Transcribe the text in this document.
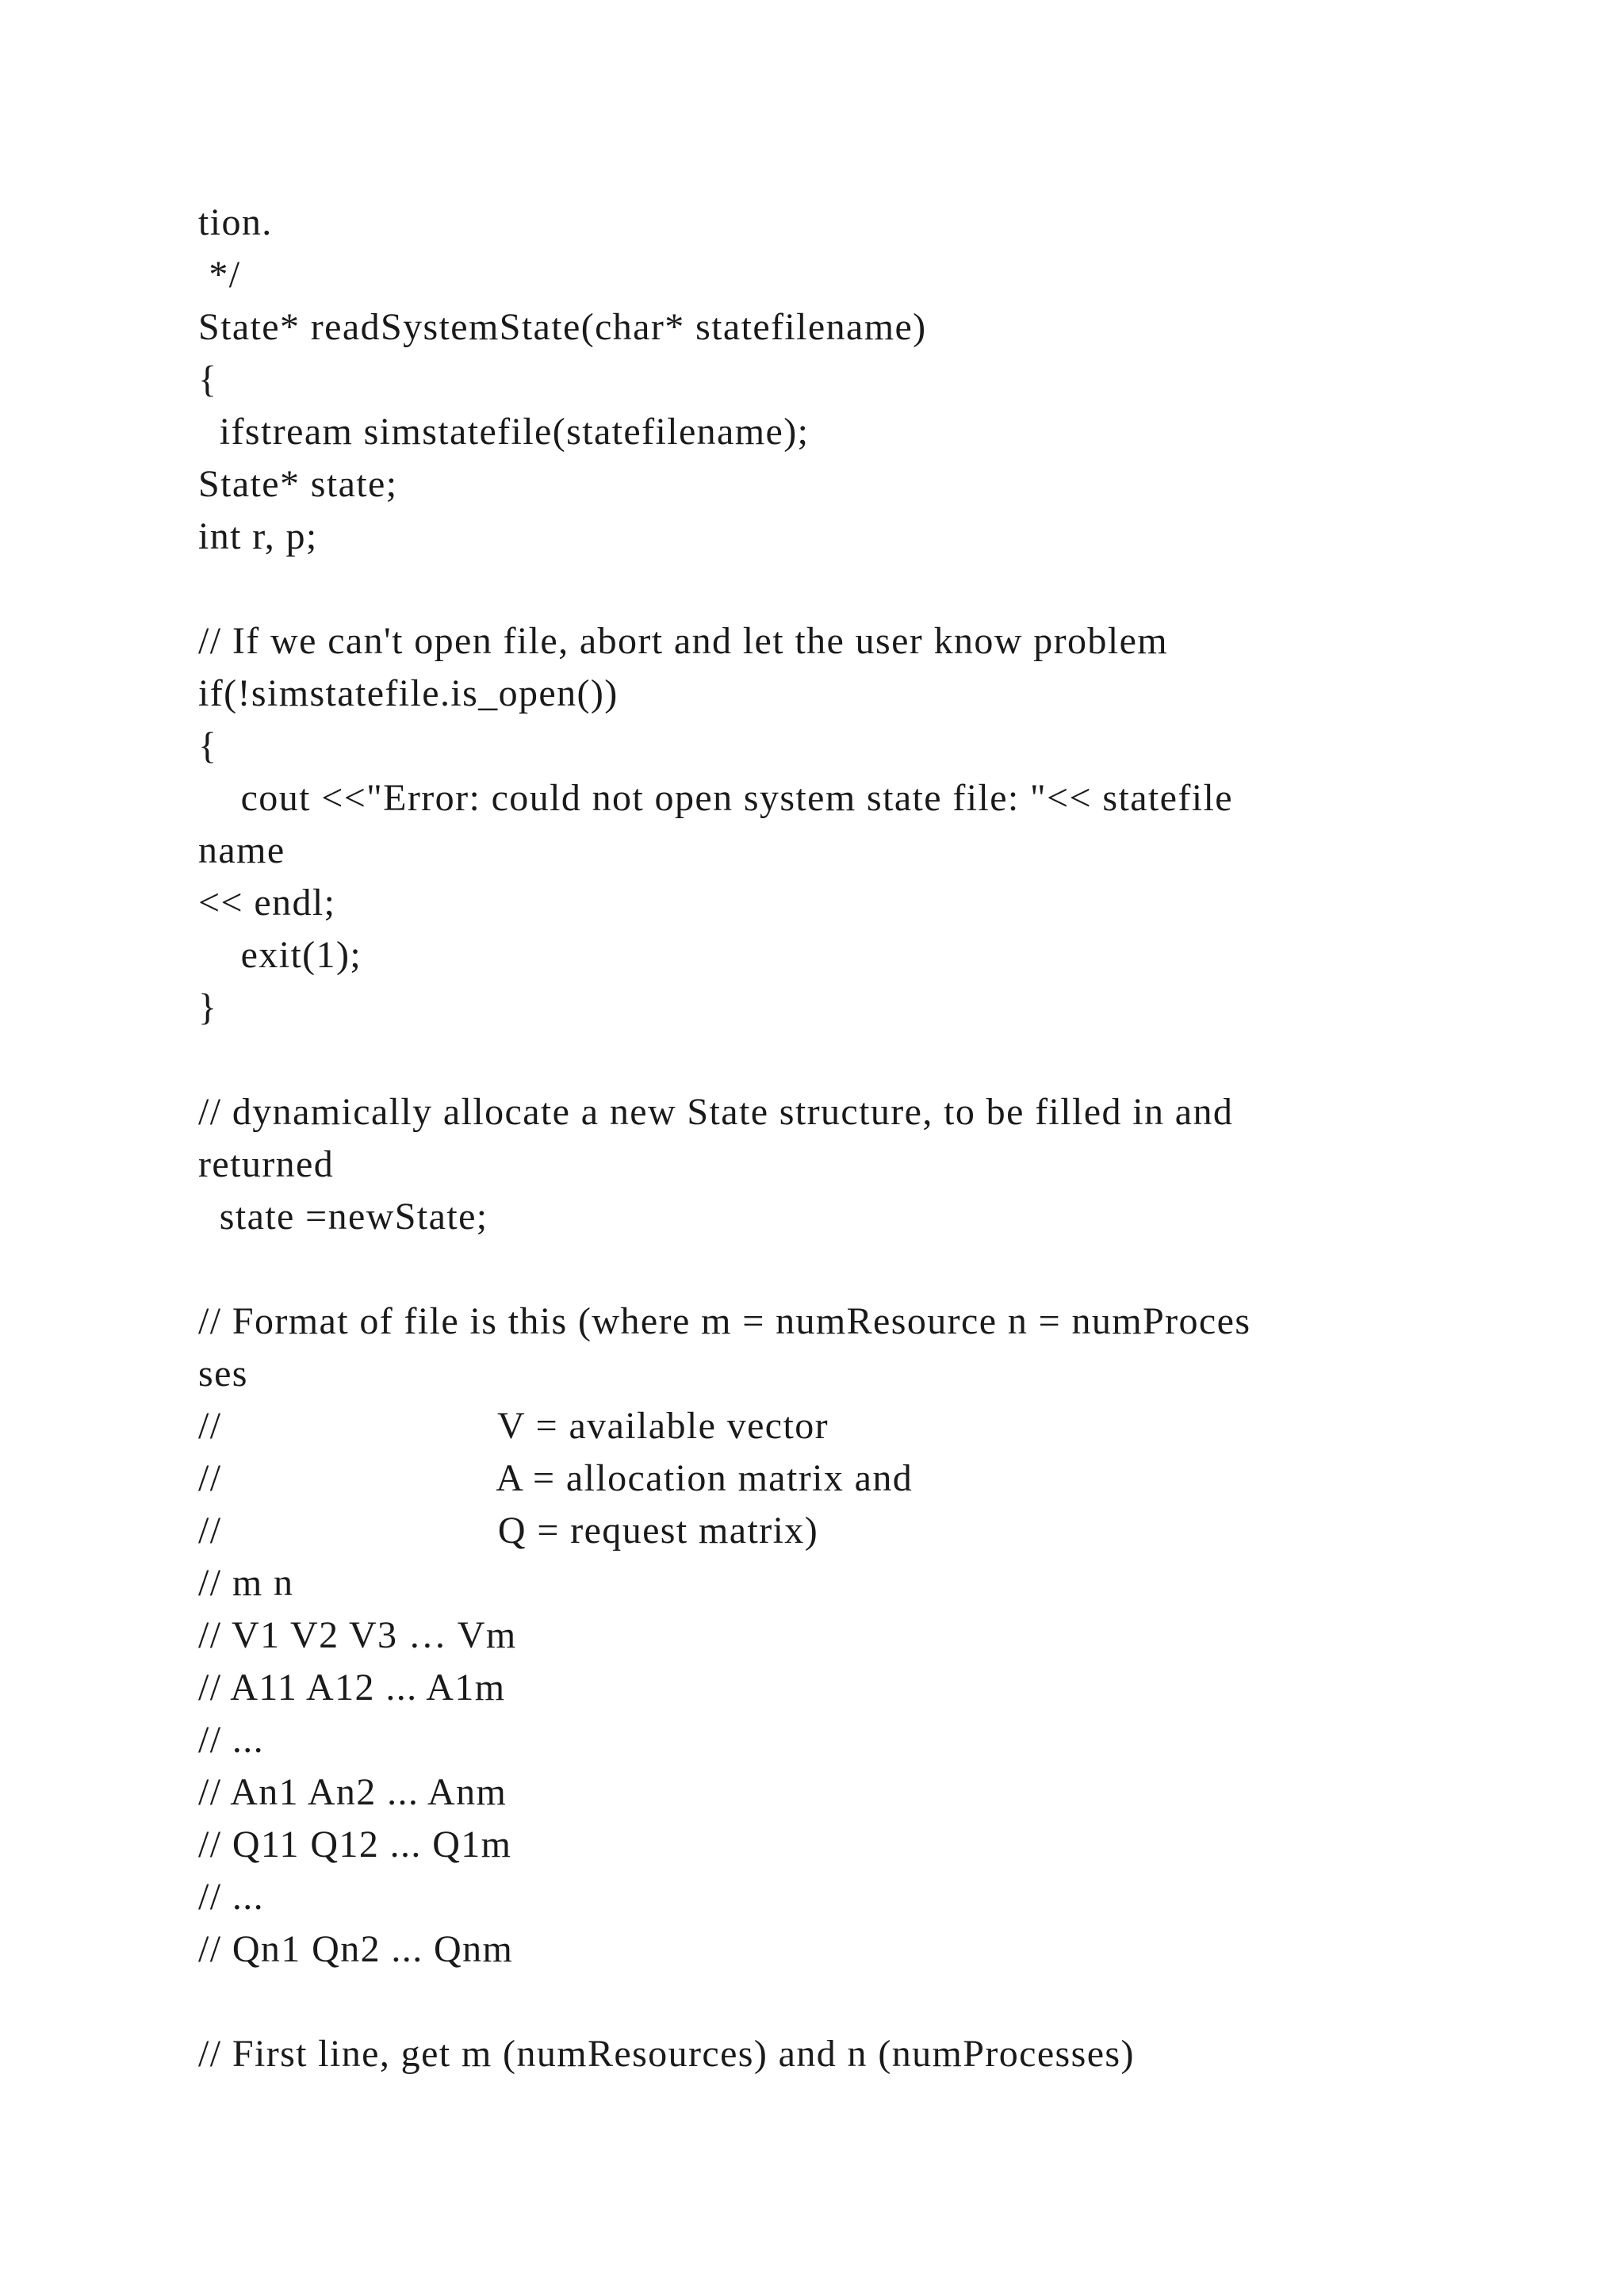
tion.
*/
State* readSystemState(char* statefilename)
{
ifstream simstatefile(statefilename);
State* state;
int r, p;
// If we can't open file, abort and let the user know problem
if(!simstatefile.is_open())
{
cout <<"Error: could not open system state file: "<< statefile
name
<< endl;
exit(1);
}
// dynamically allocate a new State structure, to be filled in and
returned
state =newState;
// Format of file is this (where m = numResource n = numProces
ses
//                          V = available vector
//                          A = allocation matrix and
//                          Q = request matrix)
// m n
// V1 V2 V3 … Vm
// A11 A12 ... A1m
// ...
// An1 An2 ... Anm
// Q11 Q12 ... Q1m
// ...
// Qn1 Qn2 ... Qnm
// First line, get m (numResources) and n (numProcesses)
